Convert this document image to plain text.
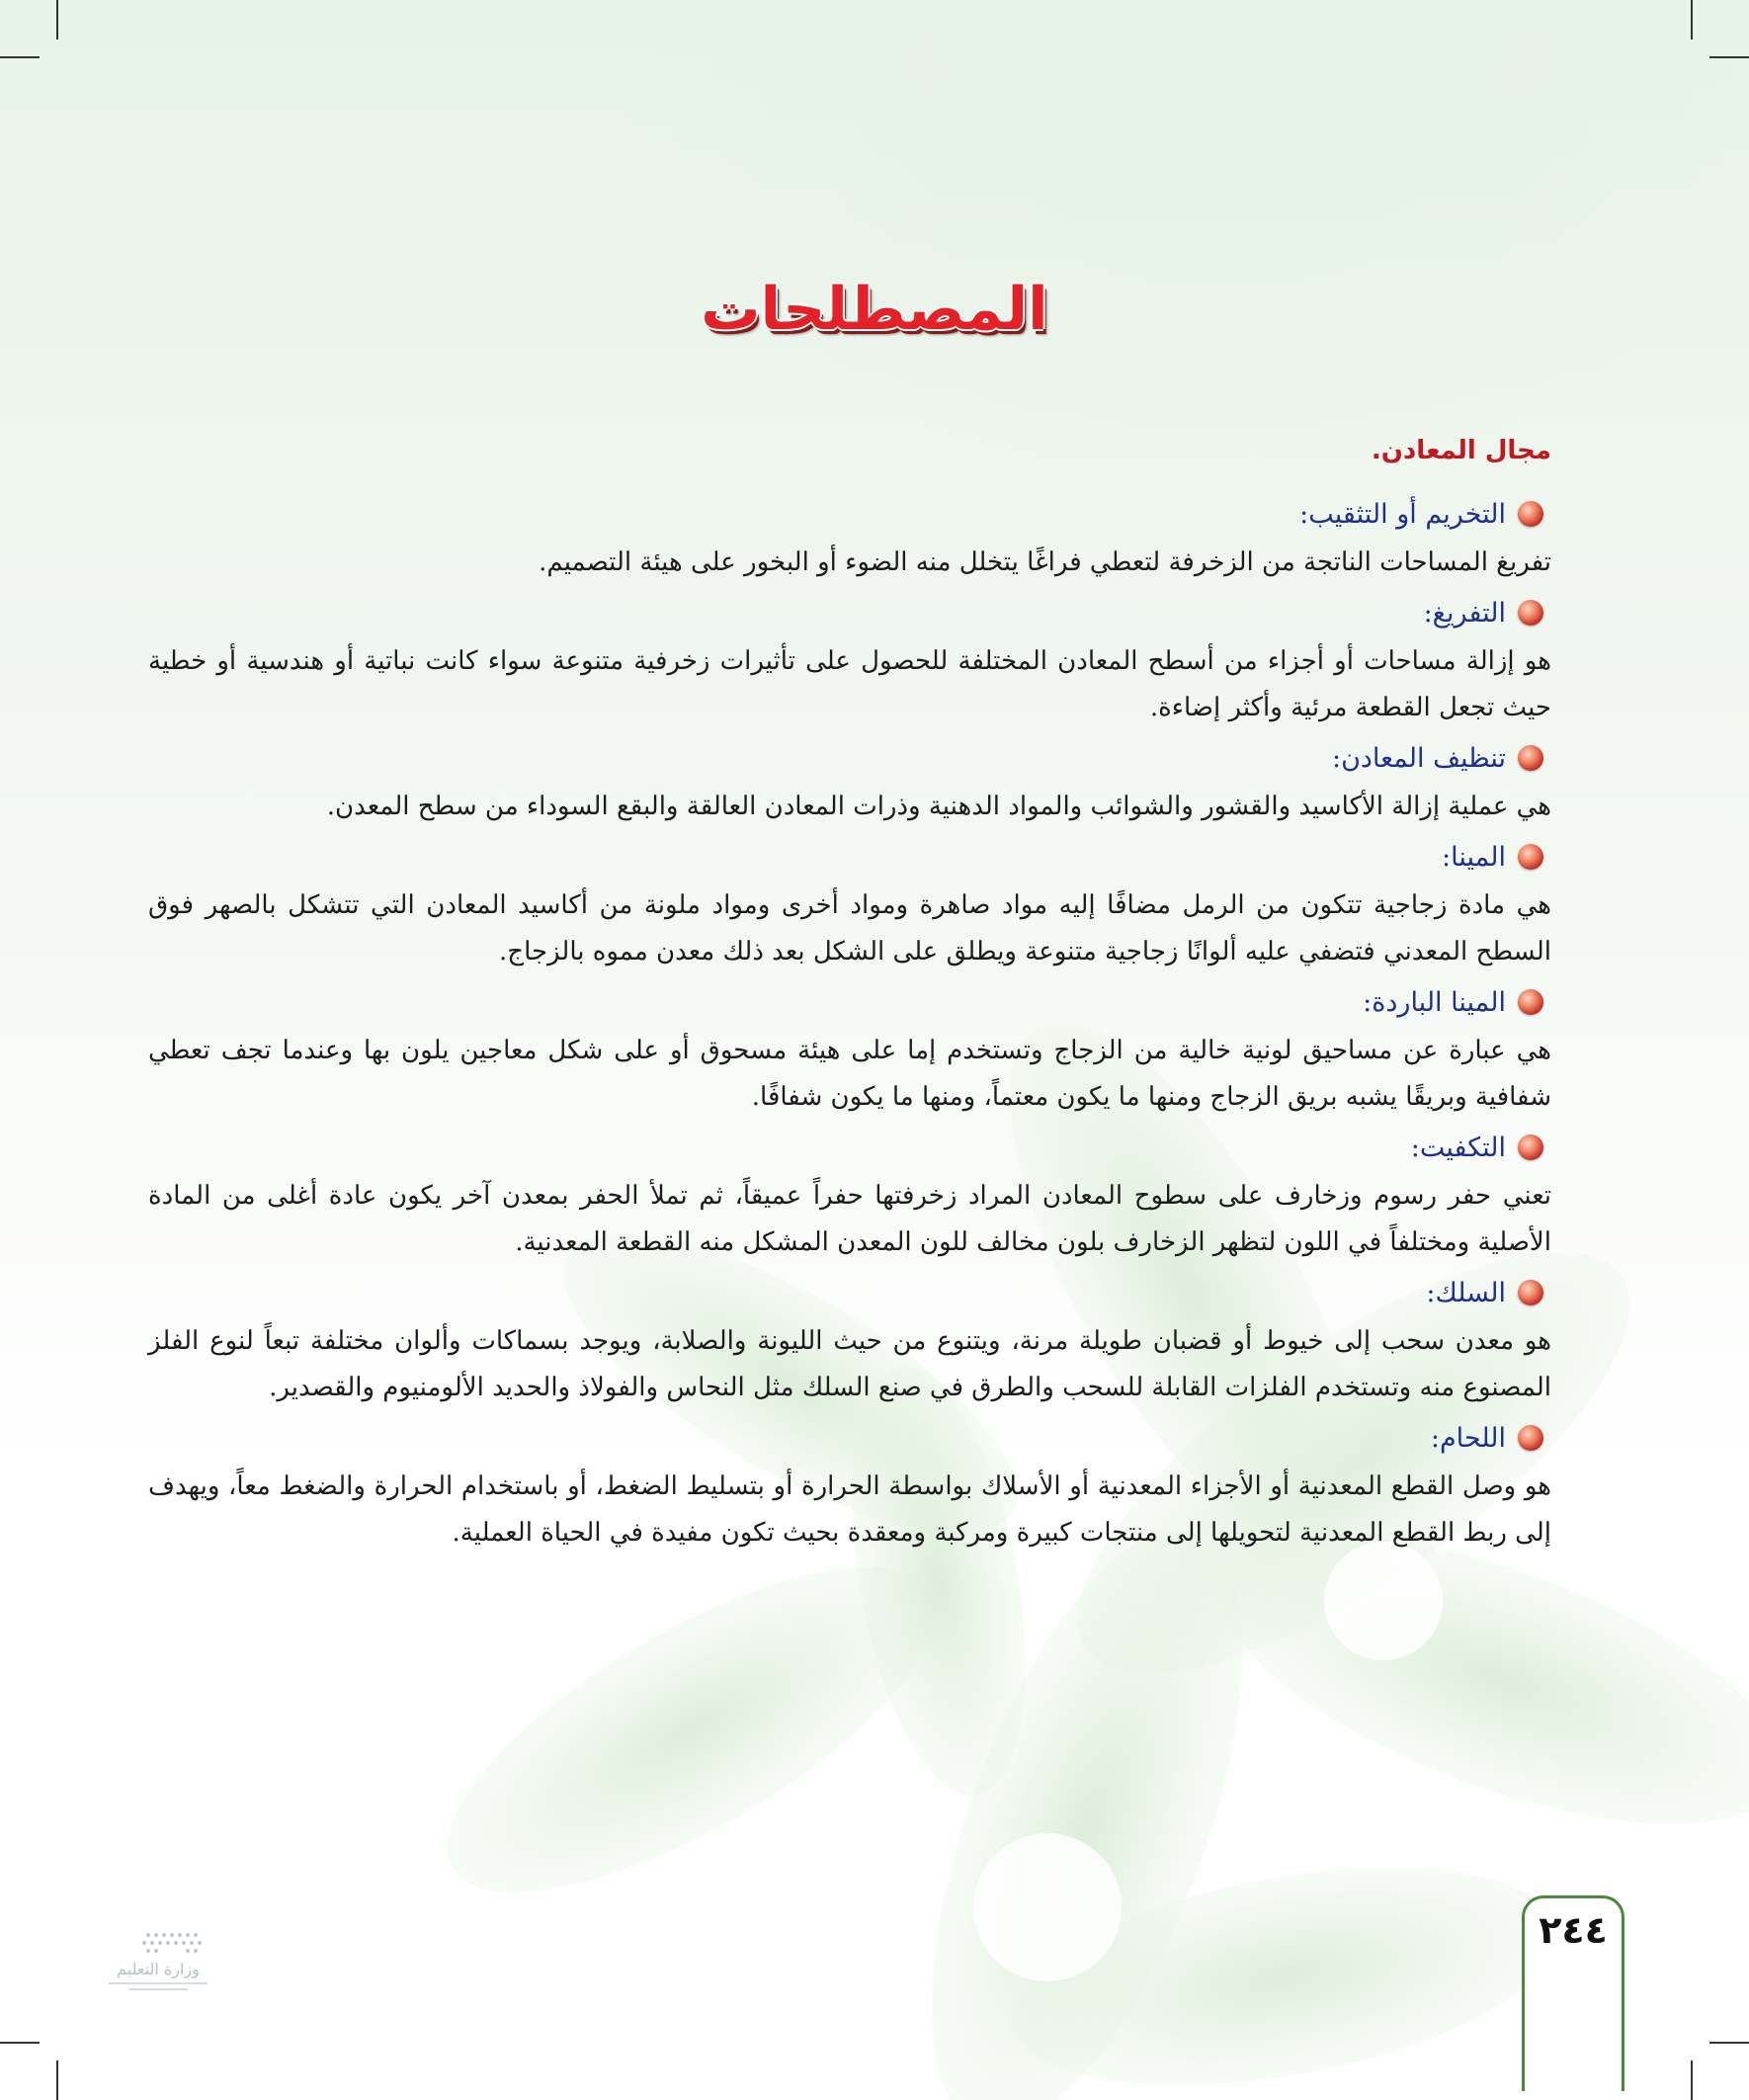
المصطلحات
مجال المعادن.
التخريم أو التثقيب:

تفريغ المساحات الناتجة من الزخرفة لتعطي فراغًا يتخلل منه الضوء أو البخور على هيئة التصميم.

التفريغ:

هو إزالة مساحات أو أجزاء من أسطح المعادن المختلفة للحصول على تأثيرات زخرفية متنوعة سواء كانت نباتية أو هندسية أو خطية حيث تجعل القطعة مرئية وأكثر إضاءة.

تنظيف المعادن:

هي عملية إزالة الأكاسيد والقشور والشوائب والمواد الدهنية وذرات المعادن العالقة والبقع السوداء من سطح المعدن.

المينا:

هي مادة زجاجية تتكون من الرمل مضافًا إليه مواد صاهرة ومواد أخرى ومواد ملونة من أكاسيد المعادن التي تتشكل بالصهر فوق السطح المعدني فتضفي عليه ألوانًا زجاجية متنوعة ويطلق على الشكل بعد ذلك معدن مموه بالزجاج.

المينا الباردة:

هي عبارة عن مساحيق لونية خالية من الزجاج وتستخدم إما على هيئة مسحوق أو على شكل معاجين يلون بها وعندما تجف تعطي شفافية وبريقًا يشبه بريق الزجاج ومنها ما يكون معتماً، ومنها ما يكون شفافًا.

التكفيت:

تعني حفر رسوم وزخارف على سطوح المعادن المراد زخرفتها حفراً عميقاً، ثم تملأ الحفر بمعدن آخر يكون عادة أغلى من المادة الأصلية ومختلفاً في اللون لتظهر الزخارف بلون مخالف للون المعدن المشكل منه القطعة المعدنية.

السلك:

هو معدن سحب إلى خيوط أو قضبان طويلة مرنة، ويتنوع من حيث الليونة والصلابة، ويوجد بسماكات وألوان مختلفة تبعاً لنوع الفلز المصنوع منه وتستخدم الفلزات القابلة للسحب والطرق في صنع السلك مثل النحاس والفولاذ والحديد الألومنيوم والقصدير.

اللحام:

هو وصل القطع المعدنية أو الأجزاء المعدنية أو الأسلاك بواسطة الحرارة أو بتسليط الضغط، أو باستخدام الحرارة والضغط معاً، ويهدف إلى ربط القطع المعدنية لتحويلها إلى منتجات كبيرة ومركبة ومعقدة بحيث تكون مفيدة في الحياة العملية.

٢٤٤
وزارة التعليم
